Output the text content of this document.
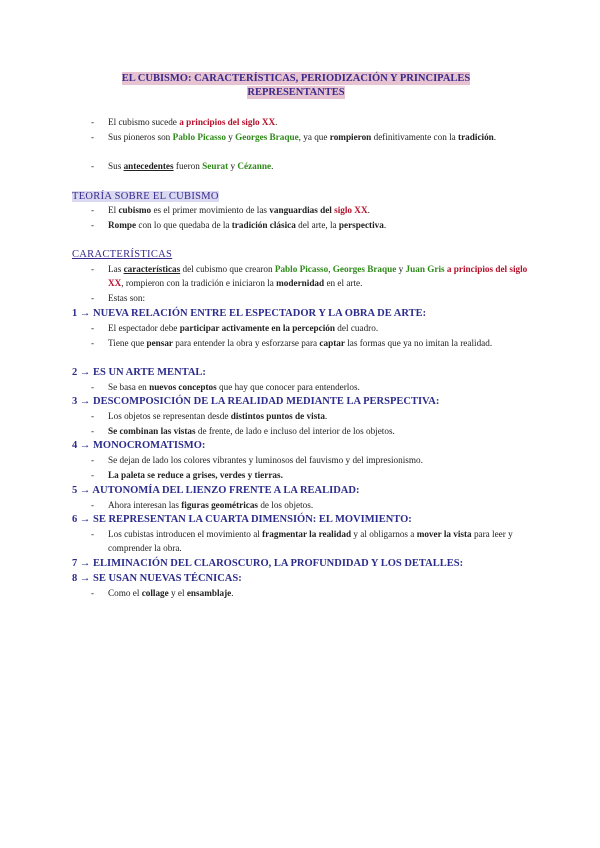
EL CUBISMO: CARACTERÍSTICAS, PERIODIZACIÓN Y PRINCIPALES REPRESENTANTES
- El cubismo sucede a principios del siglo XX.
- Sus pioneros son Pablo Picasso y Georges Braque, ya que rompieron definitivamente con la tradición.
- Sus antecedentes fueron Seurat y Cézanne.
TEORÍA SOBRE EL CUBISMO
- El cubismo es el primer movimiento de las vanguardias del siglo XX.
- Rompe con lo que quedaba de la tradición clásica del arte, la perspectiva.
CARACTERÍSTICAS
- Las características del cubismo que crearon Pablo Picasso, Georges Braque y Juan Gris a principios del siglo XX, rompieron con la tradición e iniciaron la modernidad en el arte.
- Estas son:
1 → NUEVA RELACIÓN ENTRE EL ESPECTADOR Y LA OBRA DE ARTE:
- El espectador debe participar activamente en la percepción del cuadro.
- Tiene que pensar para entender la obra y esforzarse para captar las formas que ya no imitan la realidad.
2 → ES UN ARTE MENTAL:
- Se basa en nuevos conceptos que hay que conocer para entenderlos.
3 → DESCOMPOSICIÓN DE LA REALIDAD MEDIANTE LA PERSPECTIVA:
- Los objetos se representan desde distintos puntos de vista.
- Se combinan las vistas de frente, de lado e incluso del interior de los objetos.
4 → MONOCROMATISMO:
- Se dejan de lado los colores vibrantes y luminosos del fauvismo y del impresionismo.
- La paleta se reduce a grises, verdes y tierras.
5 → AUTONOMÍA DEL LIENZO FRENTE A LA REALIDAD:
- Ahora interesan las figuras geométricas de los objetos.
6 → SE REPRESENTAN LA CUARTA DIMENSIÓN: EL MOVIMIENTO:
- Los cubistas introducen el movimiento al fragmentar la realidad y al obligarnos a mover la vista para leer y comprender la obra.
7 → ELIMINACIÓN DEL CLAROSCURO, LA PROFUNDIDAD Y LOS DETALLES:
8 → SE USAN NUEVAS TÉCNICAS:
- Como el collage y el ensamblaje.
